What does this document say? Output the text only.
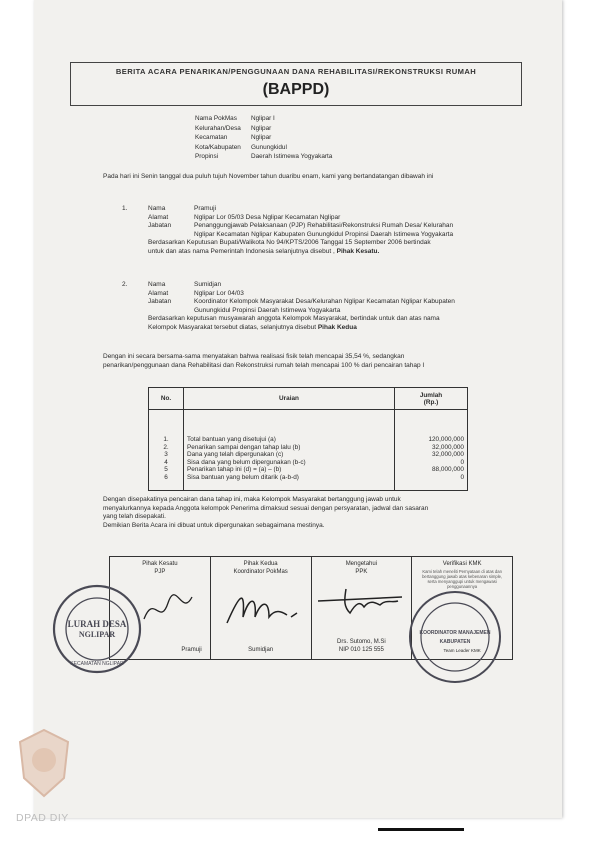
BERITA ACARA PENARIKAN/PENGGUNAAN DANA REHABILITASI/REKONSTRUKSI RUMAH
(BAPPD)
Nama PokMas	Nglipar I
Kelurahan/Desa	Nglipar
Kecamatan	Nglipar
Kota/Kabupaten	Gunungkidul
Propinsi	Daerah Istimewa Yogyakarta
Pada hari ini Senin tanggal dua puluh tujuh November tahun duaribu enam, kami yang bertandatangan dibawah ini
1.	Nama	Pramuji
Alamat	Nglipar Lor 05/03 Desa Nglipar Kecamatan Nglipar
Jabatan	Penanggungjawab Pelaksanaan (PJP) Rehabilitasi/Rekonstruksi Rumah Desa/ Kelurahan
Nglipar Kecamatan Nglipar Kabupaten Gunungkidul Propinsi Daerah Istimewa Yogyakarta
Berdasarkan Keputusan Bupati/Walikota No 94/KPTS/2006 Tanggal 15 September 2006 bertindak
untuk dan atas nama Pemerintah Indonesia selanjutnya disebut , Pihak Kesatu.
2.	Nama	Sumidjan
Alamat	Nglipar Lor 04/03
Jabatan	Koordinator Kelompok Masyarakat Desa/Kelurahan Nglipar Kecamatan Nglipar Kabupaten
Gunungkidul Propinsi Daerah Istimewa Yogyakarta
Berdasarkan keputusan musyawarah anggota Kelompok Masyarakat, bertindak untuk dan atas nama
Kelompok Masyarakat tersebut diatas, selanjutnya disebut Pihak Kedua
Dengan ini secara bersama-sama menyatakan bahwa realisasi fisik telah mencapai 35,54 %, sedangkan
penarikan/penggunaan dana Rehabilitasi dan Rekonstruksi rumah telah mencapai 100 % dari pencairan tahap I
No.	Uraian	Jumlah
(Rp.)

1.	Total bantuan yang disetujui (a)	120,000,000
2.	Penarikan sampai dengan tahap lalu (b)	32,000,000
3	Dana yang telah dipergunakan (c)	32,000,000
4	Sisa dana yang belum dipergunakan (b-c)	0
5	Penarikan tahap ini (d) = (a) – (b)	88,000,000
6	Sisa bantuan yang belum ditarik (a-b-d)	0
Dengan disepakatinya pencairan dana tahap ini, maka Kelompok Masyarakat bertanggung jawab untuk
menyalurkannya kepada Anggota kelompok Penerima dimaksud sesuai dengan persyaratan, jadwal dan sasaran
yang telah disepakati.
Demikian Berita Acara ini dibuat untuk dipergunakan sebagaimana mestinya.
Pihak Kesatu
PJP
Pramuji
Pihak Kedua
Koordinator PokMas
Sumidjan
Mengetahui
PPK
Drs. Sutomo, M.Si
NIP 010 125 555
Verifikasi KMK
Kami telah meneliti Pernyataan di atas dan bertanggung jawab atas kebenaran simple, serta menyanggupi untuk mengawasi penggunaannya
Team Leader KMK
LURAH DESA
NGLIPAR
KECAMATAN NGLIPAR
KOORDINATOR MANAJEMEN
KABUPATEN
DPAD DIY
